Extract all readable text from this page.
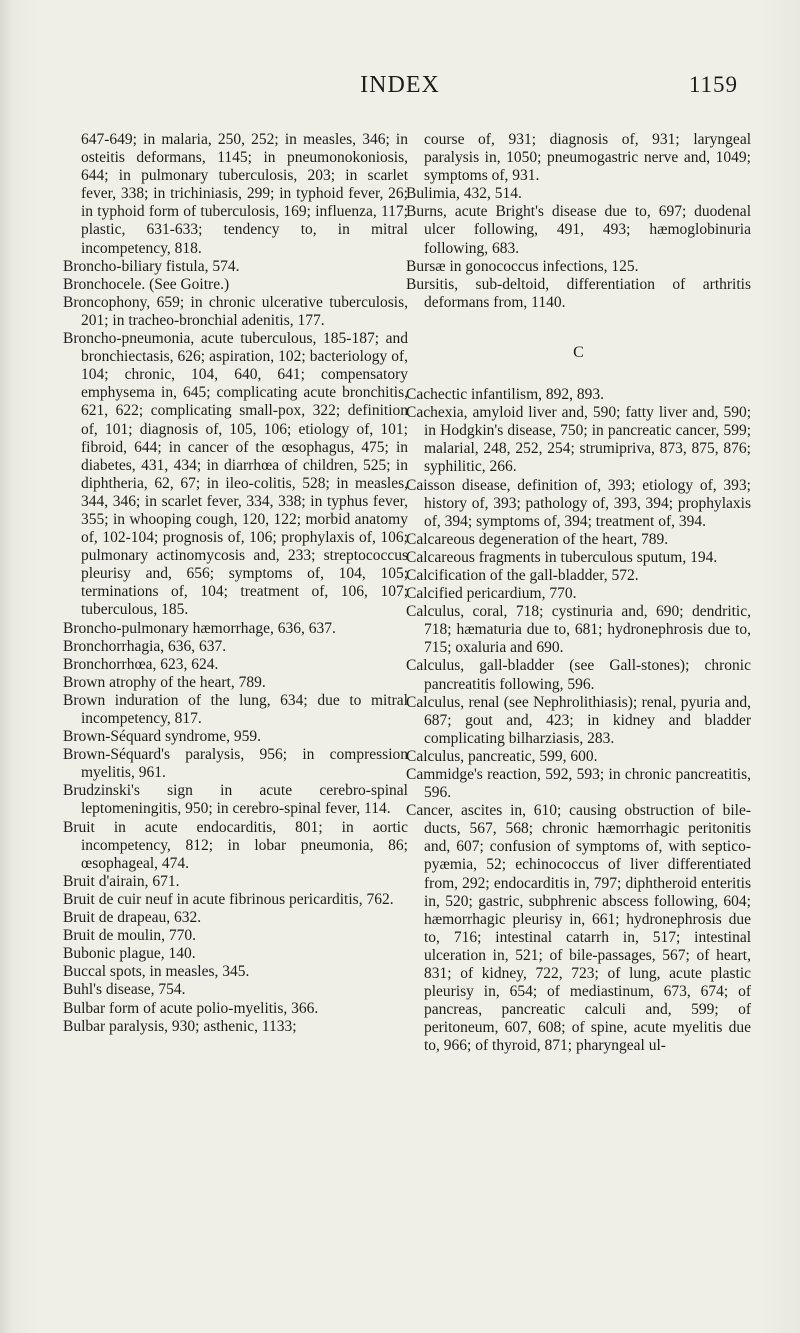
INDEX	1159

647-649; in malaria, 250, 252; in measles, 346; in osteitis deformans, 1145; in pneumonokoniosis, 644; in pulmonary tuberculosis, 203; in scarlet fever, 338; in trichiniasis, 299; in typhoid fever, 26; in typhoid form of tuberculosis, 169; influenza, 117; plastic, 631-633; tendency to, in mitral incompetency, 818.

Broncho-biliary fistula, 574.

Bronchocele. (See Goitre.)

Broncophony, 659; in chronic ulcerative tuberculosis, 201; in tracheo-bronchial adenitis, 177.

Broncho-pneumonia, acute tuberculous, 185-187; and bronchiectasis, 626; aspiration, 102; bacteriology of, 104; chronic, 104, 640, 641; compensatory emphysema in, 645; complicating acute bronchitis, 621, 622; complicating small-pox, 322; definition of, 101; diagnosis of, 105, 106; etiology of, 101; fibroid, 644; in cancer of the œsophagus, 475; in diabetes, 431, 434; in diarrhœa of children, 525; in diphtheria, 62, 67; in ileo-colitis, 528; in measles, 344, 346; in scarlet fever, 334, 338; in typhus fever, 355; in whooping cough, 120, 122; morbid anatomy of, 102-104; prognosis of, 106; prophylaxis of, 106; pulmonary actinomycosis and, 233; streptococcus pleurisy and, 656; symptoms of, 104, 105; terminations of, 104; treatment of, 106, 107; tuberculous, 185.

Broncho-pulmonary hæmorrhage, 636, 637.

Bronchorrhagia, 636, 637.

Bronchorrhœa, 623, 624.

Brown atrophy of the heart, 789.

Brown induration of the lung, 634; due to mitral incompetency, 817.

Brown-Séquard syndrome, 959.

Brown-Séquard's paralysis, 956; in compression myelitis, 961.

Brudzinski's sign in acute cerebro-spinal leptomeningitis, 950; in cerebro-spinal fever, 114.

Bruit in acute endocarditis, 801; in aortic incompetency, 812; in lobar pneumonia, 86; œsophageal, 474.

Bruit d'airain, 671.

Bruit de cuir neuf in acute fibrinous pericarditis, 762.

Bruit de drapeau, 632.

Bruit de moulin, 770.

Bubonic plague, 140.

Buccal spots, in measles, 345.

Buhl's disease, 754.

Bulbar form of acute polio-myelitis, 366.

Bulbar paralysis, 930; asthenic, 1133;

course of, 931; diagnosis of, 931; laryngeal paralysis in, 1050; pneumogastric nerve and, 1049; symptoms of, 931.

Bulimia, 432, 514.

Burns, acute Bright's disease due to, 697; duodenal ulcer following, 491, 493; hæmoglobinuria following, 683.

Bursæ in gonococcus infections, 125.

Bursitis, sub-deltoid, differentiation of arthritis deformans from, 1140.

C

Cachectic infantilism, 892, 893.

Cachexia, amyloid liver and, 590; fatty liver and, 590; in Hodgkin's disease, 750; in pancreatic cancer, 599; malarial, 248, 252, 254; strumipriva, 873, 875, 876; syphilitic, 266.

Caisson disease, definition of, 393; etiology of, 393; history of, 393; pathology of, 393, 394; prophylaxis of, 394; symptoms of, 394; treatment of, 394.

Calcareous degeneration of the heart, 789.

Calcareous fragments in tuberculous sputum, 194.

Calcification of the gall-bladder, 572.

Calcified pericardium, 770.

Calculus, coral, 718; cystinuria and, 690; dendritic, 718; hæmaturia due to, 681; hydronephrosis due to, 715; oxaluria and 690.

Calculus, gall-bladder (see Gall-stones); chronic pancreatitis following, 596.

Calculus, renal (see Nephrolithiasis); renal, pyuria and, 687; gout and, 423; in kidney and bladder complicating bilharziasis, 283.

Calculus, pancreatic, 599, 600.

Cammidge's reaction, 592, 593; in chronic pancreatitis, 596.

Cancer, ascites in, 610; causing obstruction of bile-ducts, 567, 568; chronic hæmorrhagic peritonitis and, 607; confusion of symptoms of, with septico-pyæmia, 52; echinococcus of liver differentiated from, 292; endocarditis in, 797; diphtheroid enteritis in, 520; gastric, subphrenic abscess following, 604; hæmorrhagic pleurisy in, 661; hydronephrosis due to, 716; intestinal catarrh in, 517; intestinal ulceration in, 521; of bile-passages, 567; of heart, 831; of kidney, 722, 723; of lung, acute plastic pleurisy in, 654; of mediastinum, 673, 674; of pancreas, pancreatic calculi and, 599; of peritoneum, 607, 608; of spine, acute myelitis due to, 966; of thyroid, 871; pharyngeal ul-
